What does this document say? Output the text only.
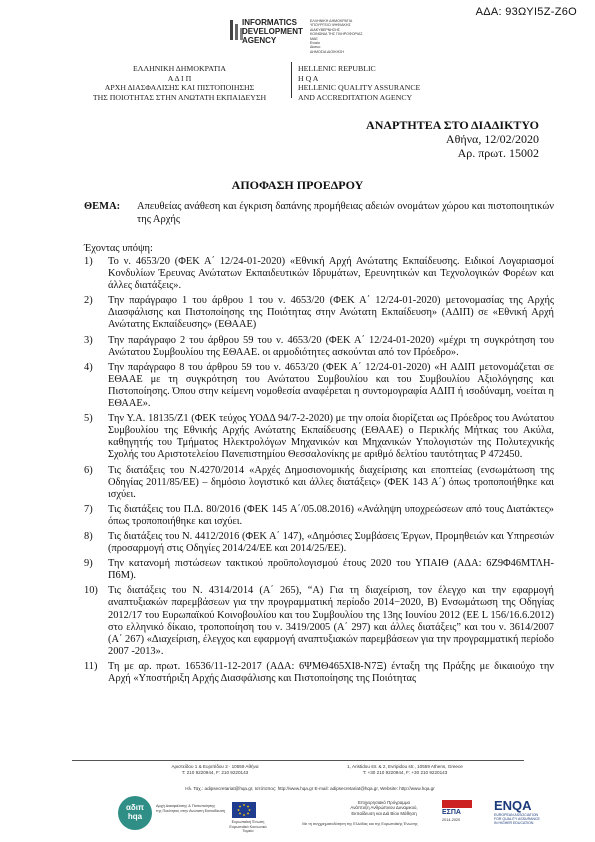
ΑΔΑ: 93ΩΥΙ5Ζ-Ζ6Ο
INFORMATICS
DEVELOPMENT
AGENCY
ΕΛΛΗΝΙΚΗ ΔΗΜΟΚΡΑΤΙΑ
ΥΠΟΥΡΓΕΙΟ ΨΗΦΙΑΚΗΣ
ΔΙΑΚΥΒΕΡΝΗΣΗΣ
ΚΟΙΝΩΝΙΑ ΤΗΣ ΠΛΗΡΟΦΟΡΙΑΣ
ΜΑΕ
Ενιαίο
Δίκτυο
ΔΗΜΟΣΙΑ ΔΙΟΙΚΗΣΗ
ΕΛΛΗΝΙΚΗ ΔΗΜΟΚΡΑΤΙΑ
Α Δ Ι Π
ΑΡΧΗ ΔΙΑΣΦΑΛΙΣΗΣ ΚΑΙ ΠΙΣΤΟΠΟΙΗΣΗΣ
ΤΗΣ ΠΟΙΟΤΗΤΑΣ ΣΤΗΝ ΑΝΩΤΑΤΗ ΕΚΠΑΙΔΕΥΣΗ
HELLENIC REPUBLIC
H Q A
HELLENIC QUALITY ASSURANCE
AND ACCREDITATION AGENCY
ΑΝΑΡΤΗΤΕΑ ΣΤΟ ΔΙΑΔΙΚΤΥΟ
Αθήνα, 12/02/2020
Αρ. πρωτ. 15002
ΑΠΟΦΑΣΗ ΠΡΟΕΔΡΟΥ
ΘΕΜΑ: Απευθείας ανάθεση και έγκριση δαπάνης προμήθειας αδειών ονομάτων χώρου και πιστοποιητικών της Αρχής
Έχοντας υπόψη:
1) Το ν. 4653/20 (ΦΕΚ Α΄ 12/24-01-2020) «Εθνική Αρχή Ανώτατης Εκπαίδευσης. Ειδικοί Λογαριασμοί Κονδυλίων Έρευνας Ανώτατων Εκπαιδευτικών Ιδρυμάτων, Ερευνητικών και Τεχνολογικών Φορέων και άλλες διατάξεις».
2) Την παράγραφο 1 του άρθρου 1 του ν. 4653/20 (ΦΕΚ Α΄ 12/24-01-2020) μετονομασίας της Αρχής Διασφάλισης και Πιστοποίησης της Ποιότητας στην Ανώτατη Εκπαίδευση» (ΑΔΙΠ) σε «Εθνική Αρχή Ανώτατης Εκπαίδευσης» (ΕΘΑΑΕ)
3) Την παράγραφο 2 του άρθρου 59 του ν. 4653/20 (ΦΕΚ Α΄ 12/24-01-2020) «μέχρι τη συγκρότηση του Ανώτατου Συμβουλίου της ΕΘΑΑΕ. οι αρμοδιότητες ασκούνται από τον Πρόεδρο».
4) Την παράγραφο 8 του άρθρου 59 του ν. 4653/20 (ΦΕΚ Α΄ 12/24-01-2020) «Η ΑΔΙΠ μετονομάζεται σε ΕΘΑΑΕ με τη συγκρότηση του Ανώτατου Συμβουλίου και του Συμβουλίου Αξιολόγησης και Πιστοποίησης. Όπου στην κείμενη νομοθεσία αναφέρεται η συντομογραφία ΑΔΙΠ ή ισοδύναμη, νοείται η ΕΘΑΑΕ».
5) Την Υ.Α. 18135/Ζ1 (ΦΕΚ τεύχος ΥΟΔΔ 94/7-2-2020) με την οποία διορίζεται ως Πρόεδρος του Ανώτατου Συμβουλίου της Εθνικής Αρχής Ανώτατης Εκπαίδευσης (ΕΘΑΑΕ) ο Περικλής Μήτκας του Ακύλα, καθηγητής του Τμήματος Ηλεκτρολόγων Μηχανικών και Μηχανικών Υπολογιστών της Πολυτεχνικής Σχολής του Αριστοτελείου Πανεπιστημίου Θεσσαλονίκης με αριθμό δελτίου ταυτότητας Ρ 472450.
6) Τις διατάξεις του Ν.4270/2014 «Αρχές Δημοσιονομικής διαχείρισης και εποπτείας (ενσωμάτωση της Οδηγίας 2011/85/ΕΕ) – δημόσιο λογιστικό και άλλες διατάξεις» (ΦΕΚ 143 Α΄) όπως τροποποιήθηκε και ισχύει.
7) Τις διατάξεις του Π.Δ. 80/2016 (ΦΕΚ 145 Α΄/05.08.2016) «Ανάληψη υποχρεώσεων από τους Διατάκτες» όπως τροποποιήθηκε και ισχύει.
8) Τις διατάξεις του Ν. 4412/2016 (ΦΕΚ Α΄ 147), «Δημόσιες Συμβάσεις Έργων, Προμηθειών και Υπηρεσιών (προσαρμογή στις Οδηγίες 2014/24/ΕΕ και 2014/25/ΕΕ).
9) Την κατανομή πιστώσεων τακτικού προϋπολογισμού έτους 2020 του ΥΠΑΙΘ (ΑΔΑ: 6Ζ9Φ46ΜΤΛΗ-Π6Μ).
10) Τις διατάξεις του Ν. 4314/2014 (Α΄ 265), “Α) Για τη διαχείριση, τον έλεγχο και την εφαρμογή αναπτυξιακών παρεμβάσεων για την προγραμματική περίοδο 2014−2020, Β) Ενσωμάτωση της Οδηγίας 2012/17 του Ευρωπαϊκού Κοινοβουλίου και του Συμβουλίου της 13ης Ιουνίου 2012 (ΕΕ L 156/16.6.2012) στο ελληνικό δίκαιο, τροποποίηση του ν. 3419/2005 (Α΄ 297) και άλλες διατάξεις” και του ν. 3614/2007 (Α΄ 267) «Διαχείριση, έλεγχος και εφαρμογή αναπτυξιακών παρεμβάσεων για την προγραμματική περίοδο 2007 -2013».
11) Τη με αρ. πρωτ. 16536/11-12-2017 (ΑΔΑ: 6ΨΜΘ465ΧΙ8-Ν7Ξ) ένταξη της Πράξης με δικαιούχο την Αρχή «Υποστήριξη Αρχής Διασφάλισης και Πιστοποίησης της Ποιότητας
Αριστείδου 1 & Ευριπίδου 2 ∙ 10559 Αθήνα
T: 210 9220944, F: 210 9220143
1, Aristidou str. & 2, Evripidou str., 10559 Athens, Greece
T: +30 210 9220944, F: +30 210 9220143
Ηλ. Ταχ.: adipsecretariat@hqa.gr, Ιστότοπος: http://www.hqa.gr E-mail: adipsecretariat@hqa.gr, Website: http://www.hqa.gr
αδιπ hqa
Αρχή Διασφάλισης & Πιστοποίησης
της Ποιότητας στην Ανώτατη Εκπαίδευση
Ευρωπαϊκή Ένωση
Ευρωπαϊκό Κοινωνικό Ταμείο
Επιχειρησιακό Πρόγραμμα
Ανάπτυξη Ανθρώπινου Δυναμικού,
Εκπαίδευση και Διά Βίου Μάθηση
Με τη συγχρηματοδότηση της Ελλάδας και της Ευρωπαϊκής Ένωσης
ΕΣΠΑ
2014-2020
ENQA
EUROPEAN ASSOCIATION
FOR QUALITY ASSURANCE
IN HIGHER EDUCATION
